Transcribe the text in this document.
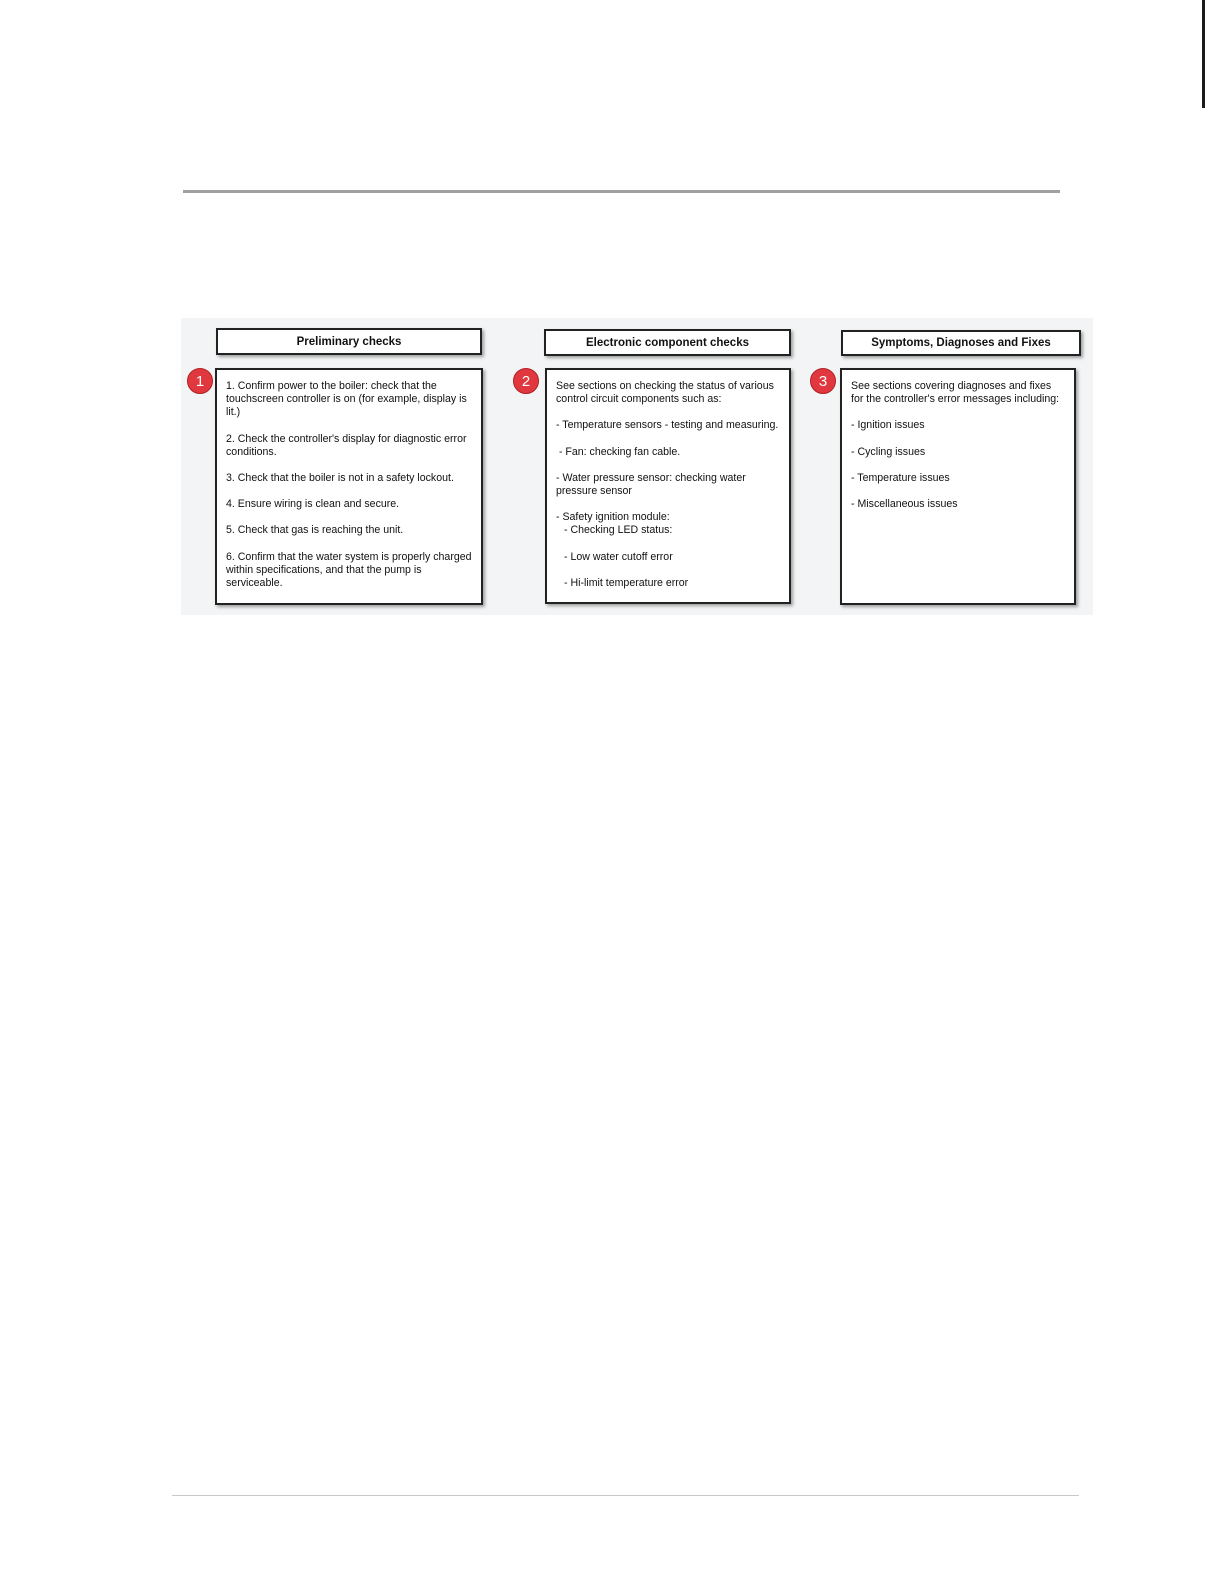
Preliminary checks
1	1. Confirm power to the boiler: check that the touchscreen controller is on (for example, display is lit.)

2. Check the controller's display for diagnostic error conditions.

3. Check that the boiler is not in a safety lockout.

4. Ensure wiring is clean and secure.

5. Check that gas is reaching the unit.

6. Confirm that the water system is properly charged within specifications, and that the pump is serviceable.

Electronic component checks
2	See sections on checking the status of various control circuit components such as:

- Temperature sensors - testing and measuring.

- Fan: checking fan cable.

- Water pressure sensor: checking water pressure sensor

- Safety ignition module:

- Checking LED status:

- Low water cutoff error

- Hi-limit temperature error

Symptoms, Diagnoses and Fixes
3	See sections covering diagnoses and fixes for the controller's error messages including:

- Ignition issues

- Cycling issues

- Temperature issues

- Miscellaneous issues
